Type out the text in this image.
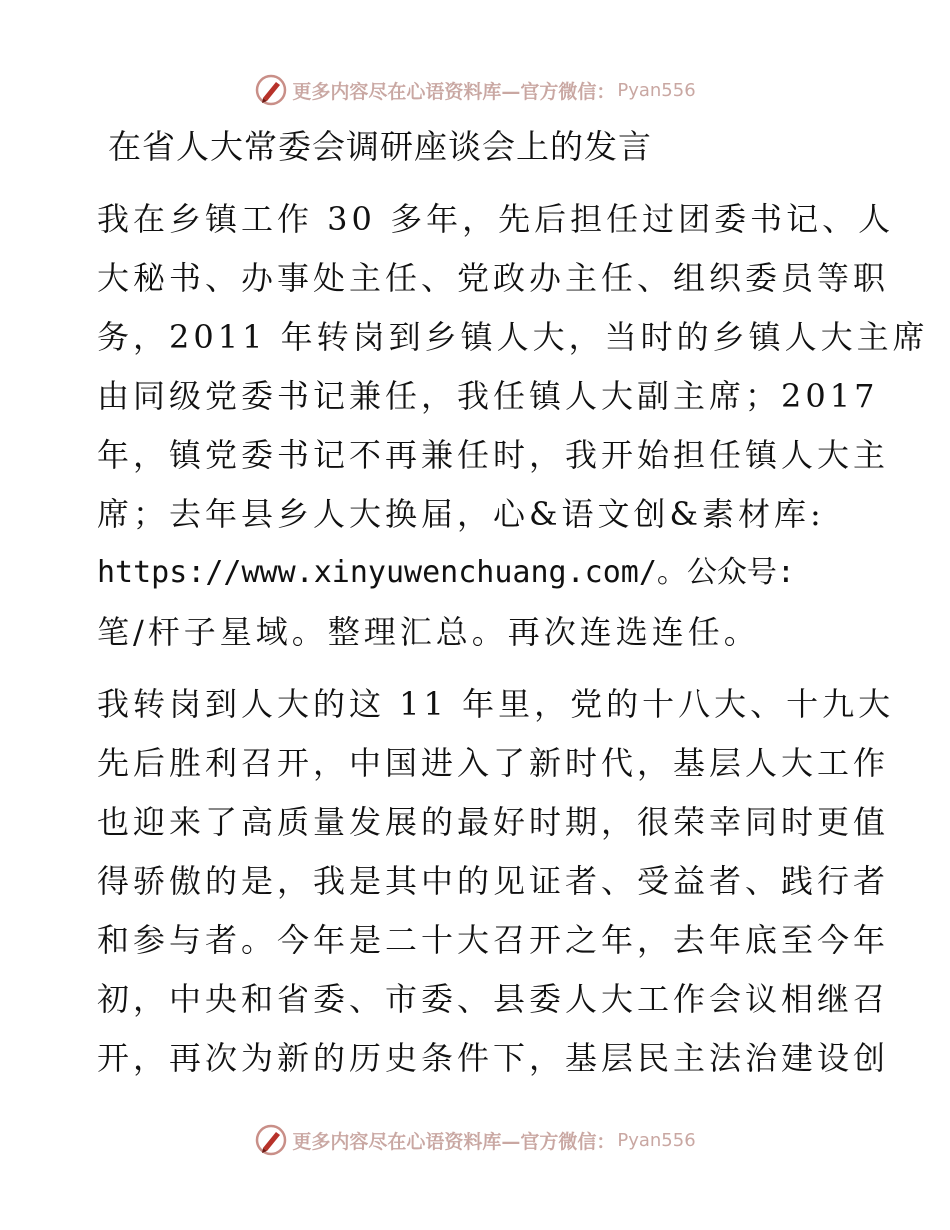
更多内容尽在心语资料库—官方微信： Pyan556
在省人大常委会调研座谈会上的发言
我在乡镇工作 30 多年，先后担任过团委书记、人
大秘书、办事处主任、党政办主任、组织委员等职
务，2011 年转岗到乡镇人大，当时的乡镇人大主席
由同级党委书记兼任，我任镇人大副主席；2017
年，镇党委书记不再兼任时，我开始担任镇人大主
席；去年县乡人大换届，心&语文创&素材库:
https://www.xinyuwenchuang.com/。公众号:
笔/杆子星域。整理汇总。再次连选连任。
我转岗到人大的这 11 年里，党的十八大、十九大
先后胜利召开，中国进入了新时代，基层人大工作
也迎来了高质量发展的最好时期，很荣幸同时更值
得骄傲的是，我是其中的见证者、受益者、践行者
和参与者。今年是二十大召开之年，去年底至今年
初，中央和省委、市委、县委人大工作会议相继召
开，再次为新的历史条件下，基层民主法治建设创
更多内容尽在心语资料库—官方微信： Pyan556
